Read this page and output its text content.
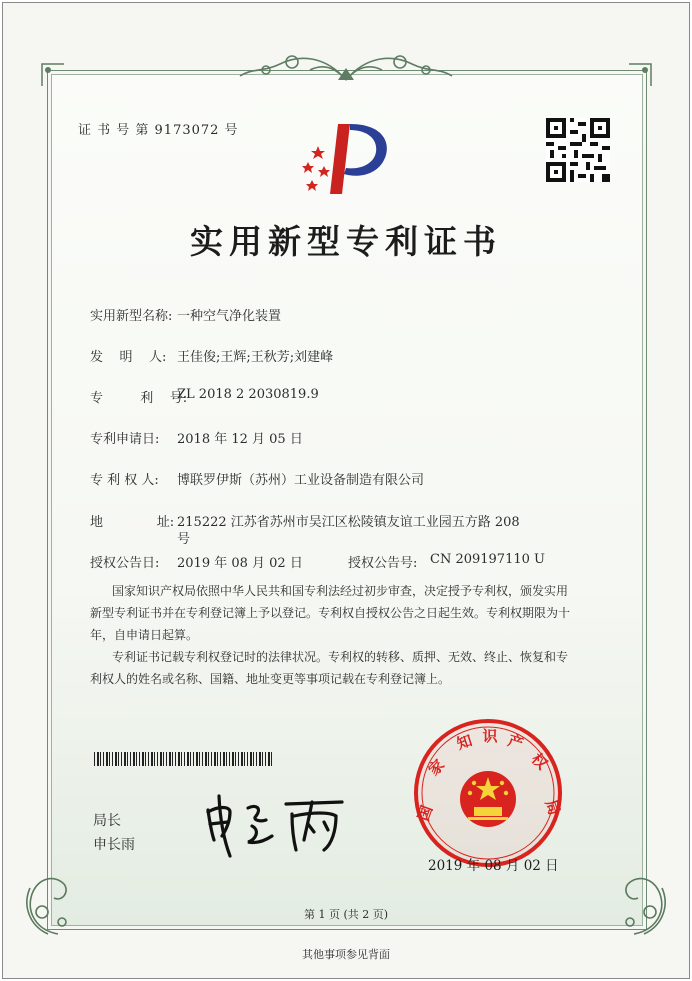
证 书 号 第 9173072 号
实用新型专利证书
实用新型名称: 一种空气净化装置
发    明    人: 王佳俊;王辉;王秋芳;刘建峰
专         利    号:
ZL 2018 2 2030819.9
专利申请日: 2018 年 12 月 05 日
专 利 权 人: 博联罗伊斯（苏州）工业设备制造有限公司
地             址: 215222 江苏省苏州市吴江区松陵镇友谊工业园五方路 208
号
授权公告日: 2019 年 08 月 02 日	授权公告号: CN 209197110 U
国家知识产权局依照中华人民共和国专利法经过初步审查，决定授予专利权，颁发实用
新型专利证书并在专利登记簿上予以登记。专利权自授权公告之日起生效。专利权期限为十
年，自申请日起算。
专利证书记载专利权登记时的法律状况。专利权的转移、质押、无效、终止、恢复和专
利权人的姓名或名称、国籍、地址变更等事项记载在专利登记簿上。
局长
申长雨
国
家
知 识 产
权
局
2019 年 08 月 02 日
第 1 页 (共 2 页)
其他事项参见背面
